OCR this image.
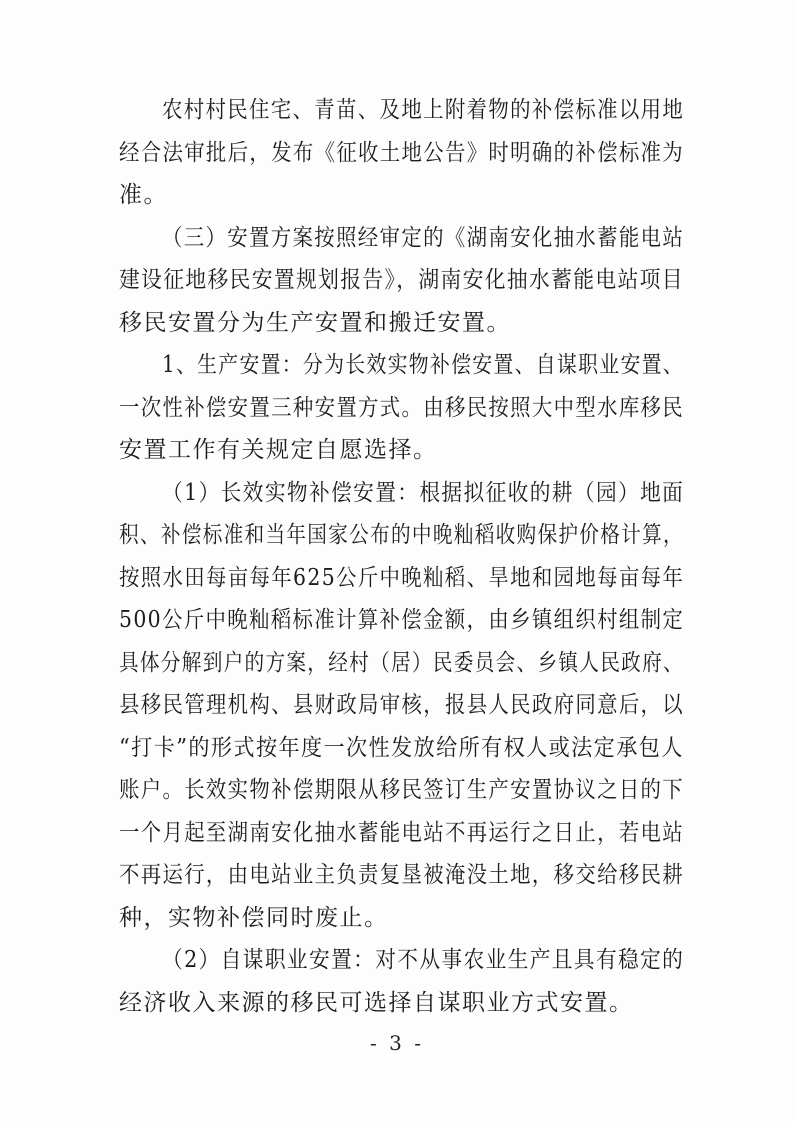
农村村民住宅、青苗、及地上附着物的补偿标准以用地
经合法审批后，发布《征收土地公告》时明确的补偿标准为
准。
（三）安置方案按照经审定的《湖南安化抽水蓄能电站
建设征地移民安置规划报告》，湖南安化抽水蓄能电站项目
移民安置分为生产安置和搬迁安置。
1、生产安置：分为长效实物补偿安置、自谋职业安置、
一次性补偿安置三种安置方式。由移民按照大中型水库移民
安置工作有关规定自愿选择。
（1）长效实物补偿安置：根据拟征收的耕（园）地面
积、补偿标准和当年国家公布的中晚籼稻收购保护价格计算，
按照水田每亩每年625公斤中晚籼稻、旱地和园地每亩每年
500公斤中晚籼稻标准计算补偿金额，由乡镇组织村组制定
具体分解到户的方案，经村（居）民委员会、乡镇人民政府、
县移民管理机构、县财政局审核，报县人民政府同意后，以
“打卡”的形式按年度一次性发放给所有权人或法定承包人
账户。长效实物补偿期限从移民签订生产安置协议之日的下
一个月起至湖南安化抽水蓄能电站不再运行之日止，若电站
不再运行，由电站业主负责复垦被淹没土地，移交给移民耕
种，实物补偿同时废止。
（2）自谋职业安置：对不从事农业生产且具有稳定的
经济收入来源的移民可选择自谋职业方式安置。
- 3 -
